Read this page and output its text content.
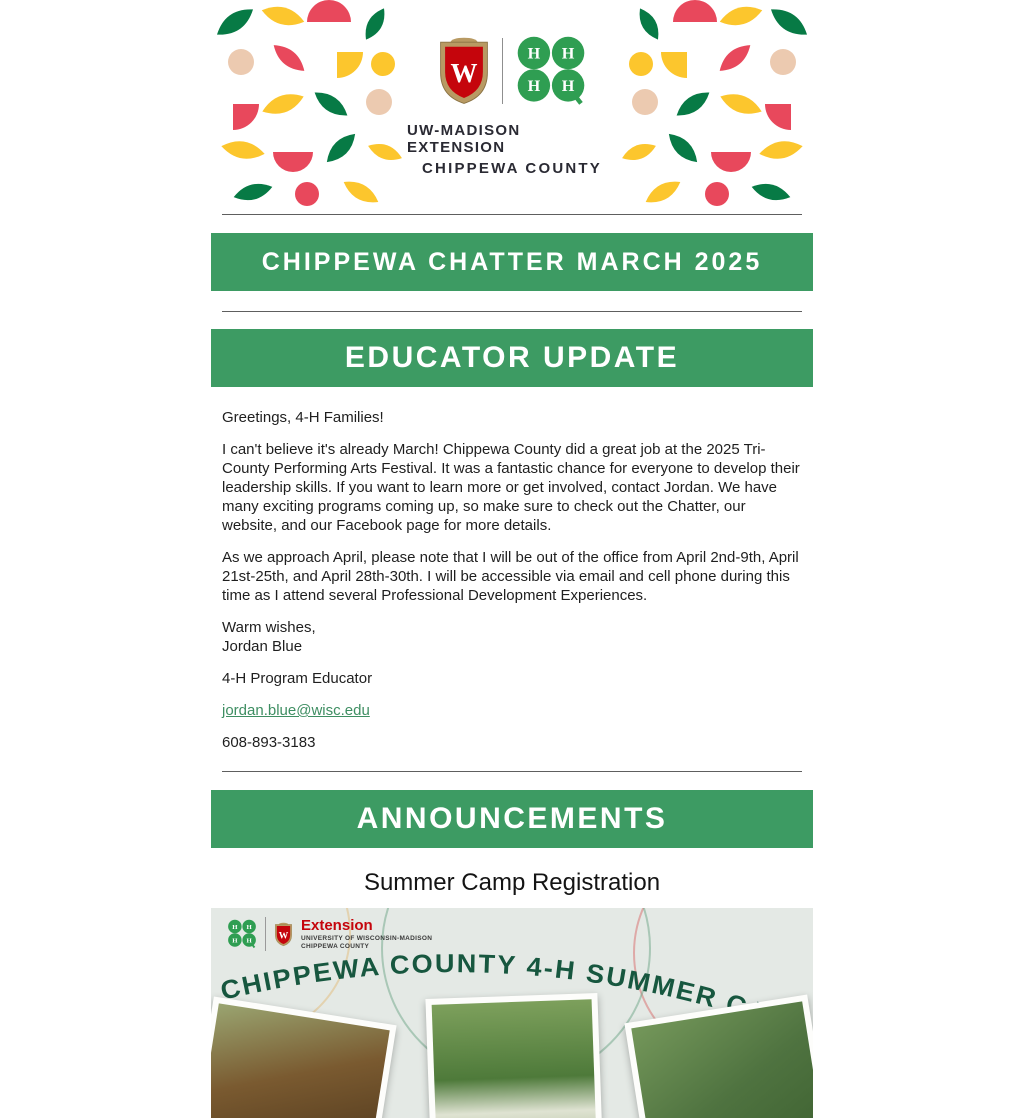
UW-MADISON EXTENSION
CHIPPEWA COUNTY
CHIPPEWA CHATTER MARCH 2025
EDUCATOR UPDATE

Greetings, 4-H Families!

I can't believe it's already March! Chippewa County did a great job at the 2025 Tri-County Performing Arts Festival. It was a fantastic chance for everyone to develop their leadership skills. If you want to learn more or get involved, contact Jordan. We have many exciting programs coming up, so make sure to check out the Chatter, our website, and our Facebook page for more details.

As we approach April, please note that I will be out of the office from April 2nd-9th, April 21st-25th, and April 28th-30th. I will be accessible via email and cell phone during this time as I attend several Professional Development Experiences.

Warm wishes,
Jordan Blue

4-H Program Educator

jordan.blue@wisc.edu

608-893-3183

ANNOUNCEMENTS
Summer Camp Registration
Extension
UNIVERSITY OF WISCONSIN-MADISON
CHIPPEWA COUNTY
CHIPPEWA COUNTY 4-H SUMMER
